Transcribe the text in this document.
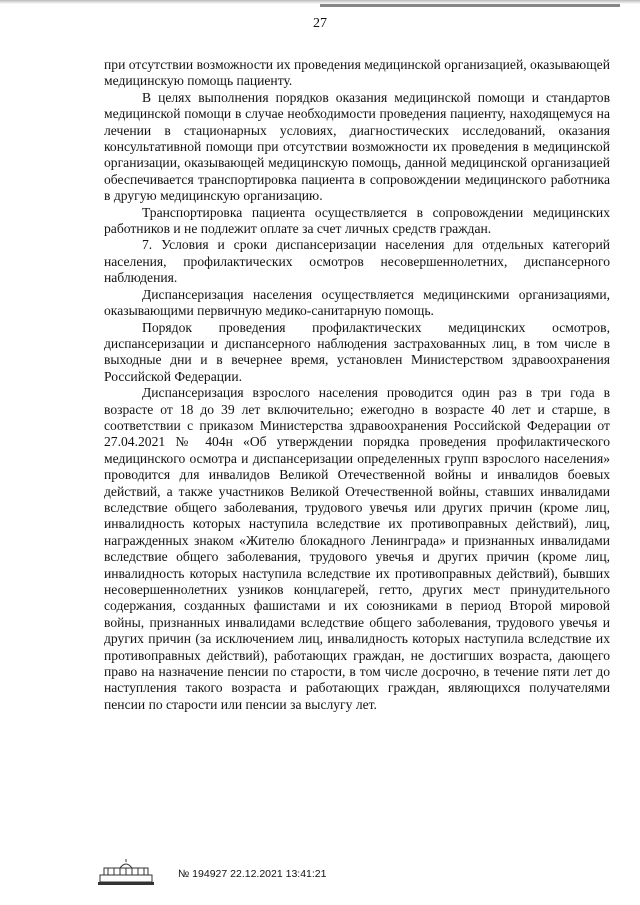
27

при отсутствии возможности их проведения медицинской организацией, оказывающей медицинскую помощь пациенту.

В целях выполнения порядков оказания медицинской помощи и стандартов медицинской помощи в случае необходимости проведения пациенту, находящемуся на лечении в стационарных условиях, диагностических исследований, оказания консультативной помощи при отсутствии возможности их проведения в медицинской организации, оказывающей медицинскую помощь, данной медицинской организацией обеспечивается транспортировка пациента в сопровождении медицинского работника в другую медицинскую организацию.

Транспортировка пациента осуществляется в сопровождении медицинских работников и не подлежит оплате за счет личных средств граждан.

7. Условия и сроки диспансеризации населения для отдельных категорий населения, профилактических осмотров несовершеннолетних, диспансерного наблюдения.

Диспансеризация населения осуществляется медицинскими организациями, оказывающими первичную медико-санитарную помощь.

Порядок проведения профилактических медицинских осмотров, диспансеризации и диспансерного наблюдения застрахованных лиц, в том числе в выходные дни и в вечернее время, установлен Министерством здравоохранения Российской Федерации.

Диспансеризация взрослого населения проводится один раз в три года в возрасте от 18 до 39 лет включительно; ежегодно в возрасте 40 лет и старше, в соответствии с приказом Министерства здравоохранения Российской Федерации от 27.04.2021 № 404н «Об утверждении порядка проведения профилактического медицинского осмотра и диспансеризации определенных групп взрослого населения» проводится для инвалидов Великой Отечественной войны и инвалидов боевых действий, а также участников Великой Отечественной войны, ставших инвалидами вследствие общего заболевания, трудового увечья или других причин (кроме лиц, инвалидность которых наступила вследствие их противоправных действий), лиц, награжденных знаком «Жителю блокадного Ленинграда» и признанных инвалидами вследствие общего заболевания, трудового увечья и других причин (кроме лиц, инвалидность которых наступила вследствие их противоправных действий), бывших несовершеннолетних узников концлагерей, гетто, других мест принудительного содержания, созданных фашистами и их союзниками в период Второй мировой войны, признанных инвалидами вследствие общего заболевания, трудового увечья и других причин (за исключением лиц, инвалидность которых наступила вследствие их противоправных действий), работающих граждан, не достигших возраста, дающего право на назначение пенсии по старости, в том числе досрочно, в течение пяти лет до наступления такого возраста и работающих граждан, являющихся получателями пенсии по старости или пенсии за выслугу лет.

№ 194927 22.12.2021 13:41:21
